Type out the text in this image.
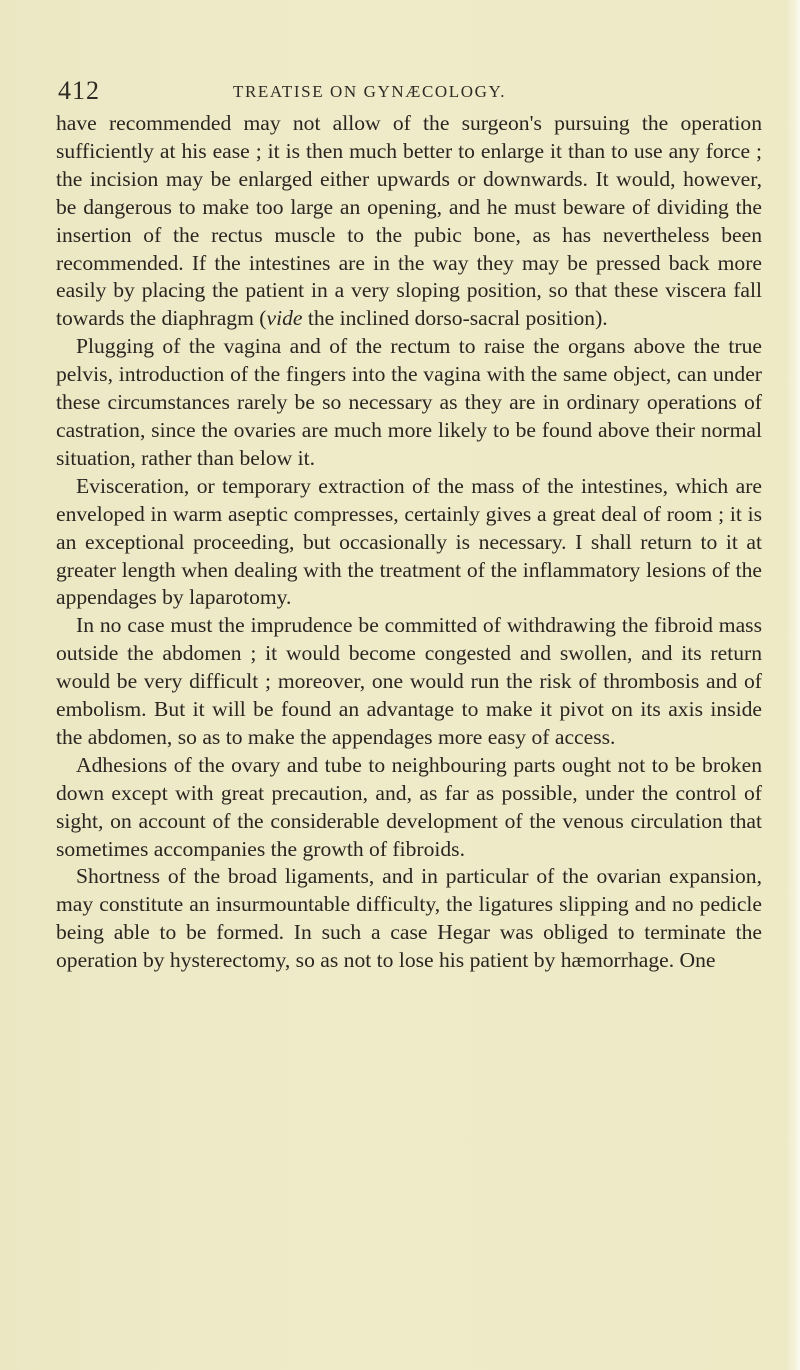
412	TREATISE ON GYNÆCOLOGY.

have recommended may not allow of the surgeon's pursuing the operation sufficiently at his ease ; it is then much better to enlarge it than to use any force ; the incision may be enlarged either upwards or downwards. It would, however, be dangerous to make too large an opening, and he must beware of dividing the insertion of the rectus muscle to the pubic bone, as has nevertheless been recommended. If the intestines are in the way they may be pressed back more easily by placing the patient in a very sloping position, so that these viscera fall towards the diaphragm (vide the inclined dorso-sacral position).

Plugging of the vagina and of the rectum to raise the organs above the true pelvis, introduction of the fingers into the vagina with the same object, can under these circumstances rarely be so necessary as they are in ordinary operations of castration, since the ovaries are much more likely to be found above their normal situation, rather than below it.

Evisceration, or temporary extraction of the mass of the intestines, which are enveloped in warm aseptic compresses, certainly gives a great deal of room ; it is an exceptional proceeding, but occasionally is necessary. I shall return to it at greater length when dealing with the treatment of the inflammatory lesions of the appendages by laparotomy.

In no case must the imprudence be committed of withdrawing the fibroid mass outside the abdomen ; it would become congested and swollen, and its return would be very difficult ; moreover, one would run the risk of thrombosis and of embolism. But it will be found an advantage to make it pivot on its axis inside the abdomen, so as to make the appendages more easy of access.

Adhesions of the ovary and tube to neighbouring parts ought not to be broken down except with great precaution, and, as far as possible, under the control of sight, on account of the considerable development of the venous circulation that sometimes accompanies the growth of fibroids.

Shortness of the broad ligaments, and in particular of the ovarian expansion, may constitute an insurmountable difficulty, the ligatures slipping and no pedicle being able to be formed. In such a case Hegar was obliged to terminate the operation by hysterectomy, so as not to lose his patient by hæmorrhage. One
